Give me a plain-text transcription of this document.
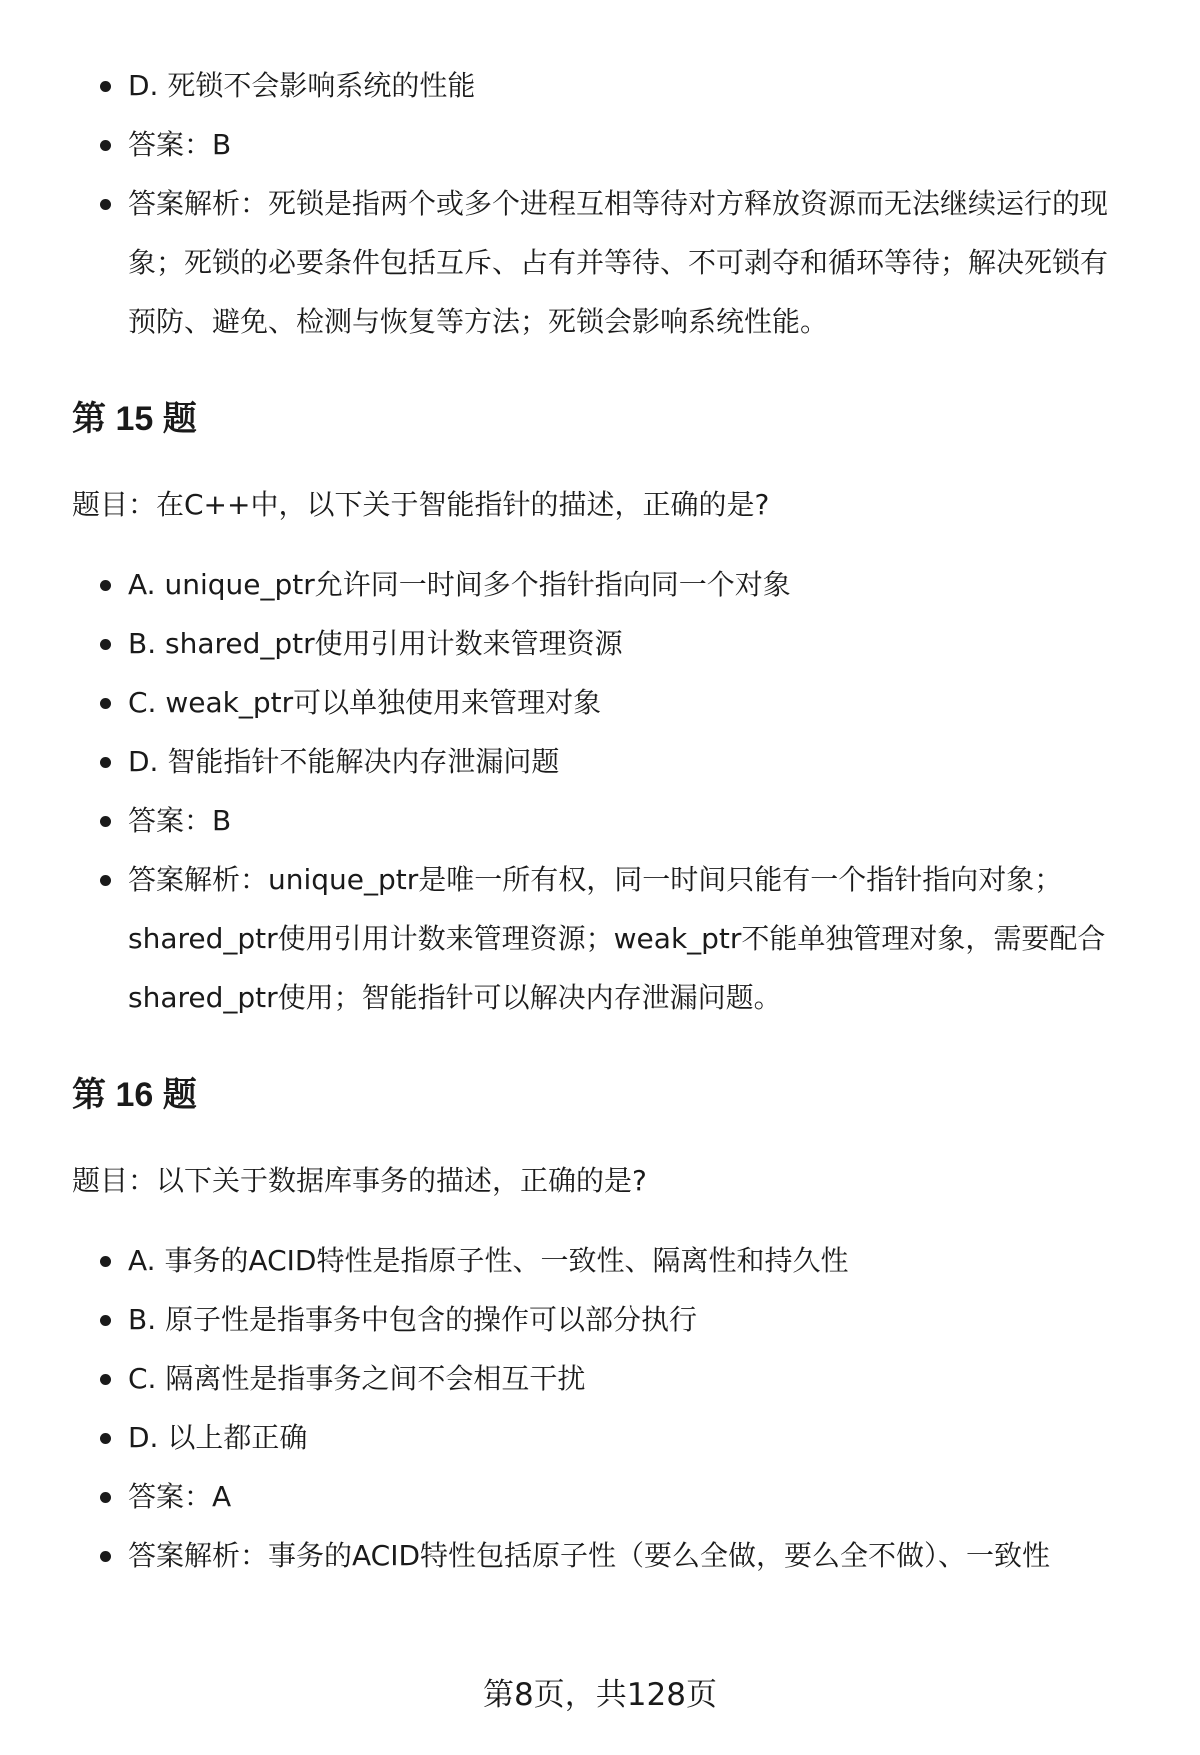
D. 死锁不会影响系统的性能
答案：B
答案解析：死锁是指两个或多个进程互相等待对方释放资源而无法继续运行的现象；死锁的必要条件包括互斥、占有并等待、不可剥夺和循环等待；解决死锁有预防、避免、检测与恢复等方法；死锁会影响系统性能。
第 15 题

题目：在C++中，以下关于智能指针的描述，正确的是?

A. unique_ptr允许同一时间多个指针指向同一个对象
B. shared_ptr使用引用计数来管理资源
C. weak_ptr可以单独使用来管理对象
D. 智能指针不能解决内存泄漏问题
答案：B
答案解析：unique_ptr是唯一所有权，同一时间只能有一个指针指向对象；shared_ptr使用引用计数来管理资源；weak_ptr不能单独管理对象，需要配合shared_ptr使用；智能指针可以解决内存泄漏问题。
第 16 题

题目：以下关于数据库事务的描述，正确的是?

A. 事务的ACID特性是指原子性、一致性、隔离性和持久性
B. 原子性是指事务中包含的操作可以部分执行
C. 隔离性是指事务之间不会相互干扰
D. 以上都正确
答案：A
答案解析：事务的ACID特性包括原子性（要么全做，要么全不做）、一致性
第8页，共128页
